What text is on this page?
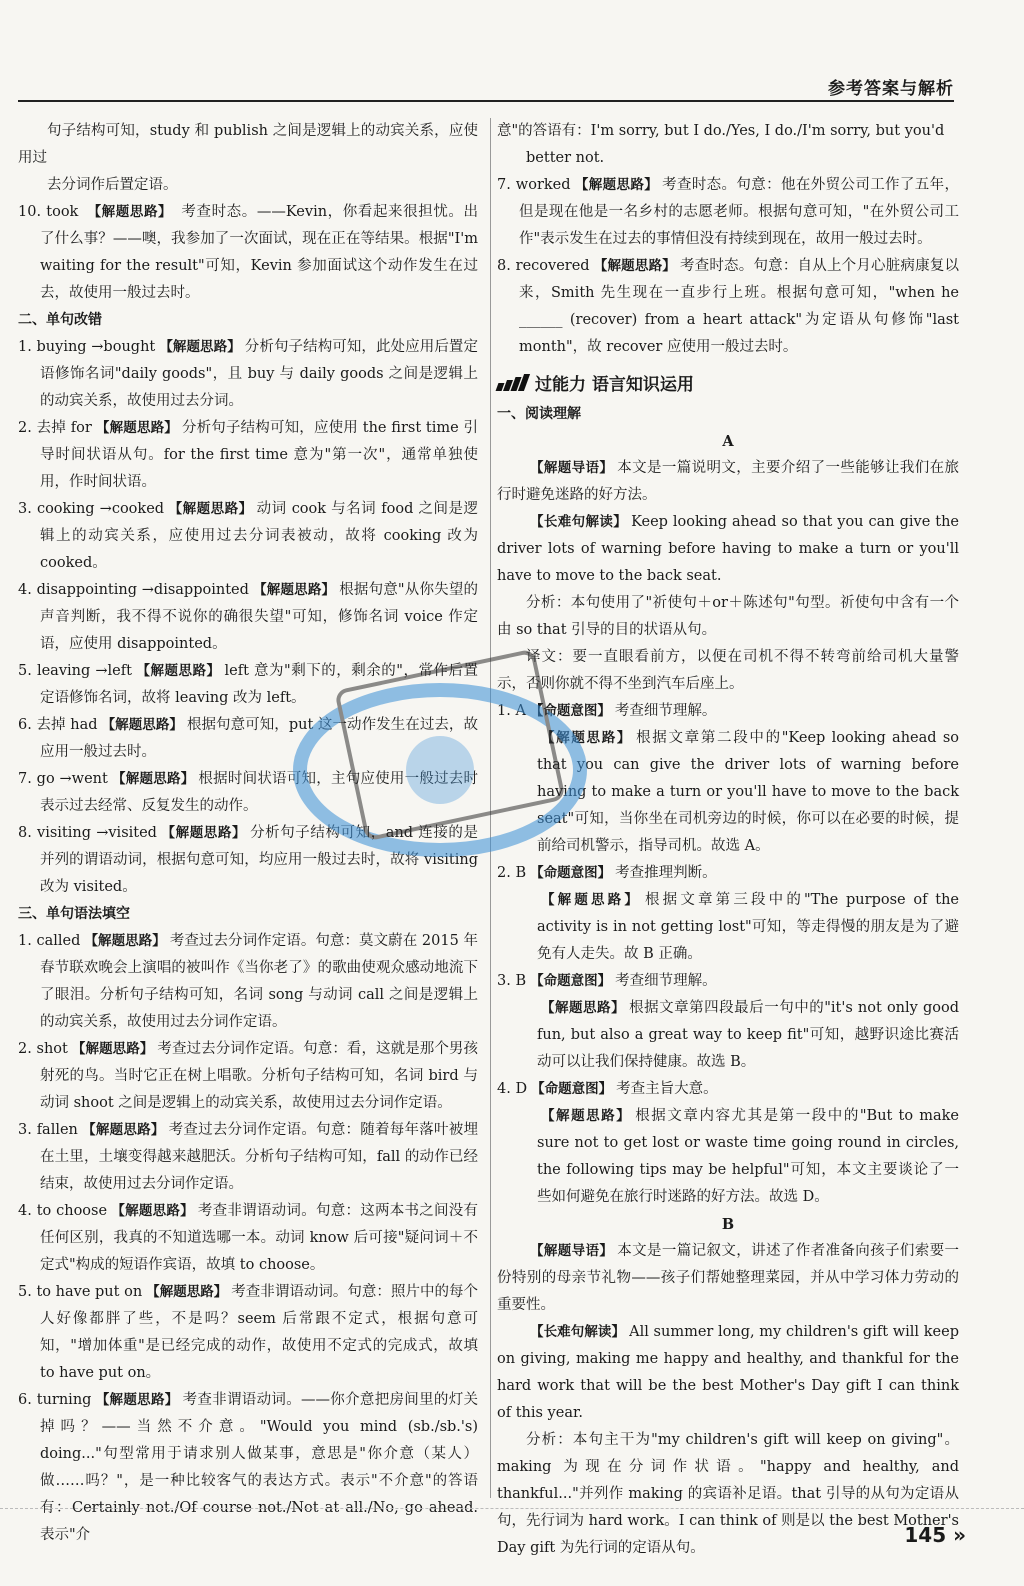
参考答案与解析

句子结构可知，study 和 publish 之间是逻辑上的动宾关系，应使用过

去分词作后置定语。

10. took 【解题思路】 考查时态。——Kevin，你看起来很担忧。出了什么事？——噢，我参加了一次面试，现在正在等结果。根据"I'm waiting for the result"可知，Kevin 参加面试这个动作发生在过去，故使用一般过去时。

二、单句改错

1. buying →bought 【解题思路】 分析句子结构可知，此处应用后置定语修饰名词"daily goods"，且 buy 与 daily goods 之间是逻辑上的动宾关系，故使用过去分词。

2. 去掉 for 【解题思路】 分析句子结构可知，应使用 the first time 引导时间状语从句。for the first time 意为"第一次"，通常单独使用，作时间状语。

3. cooking →cooked 【解题思路】 动词 cook 与名词 food 之间是逻辑上的动宾关系，应使用过去分词表被动，故将 cooking 改为 cooked。

4. disappointing →disappointed 【解题思路】 根据句意"从你失望的声音判断，我不得不说你的确很失望"可知，修饰名词 voice 作定语，应使用 disappointed。

5. leaving →left 【解题思路】 left 意为"剩下的，剩余的"，常作后置定语修饰名词，故将 leaving 改为 left。

6. 去掉 had 【解题思路】 根据句意可知，put 这一动作发生在过去，故应用一般过去时。

7. go →went 【解题思路】 根据时间状语可知，主句应使用一般过去时表示过去经常、反复发生的动作。

8. visiting →visited 【解题思路】 分析句子结构可知，and 连接的是并列的谓语动词，根据句意可知，均应用一般过去时，故将 visiting 改为 visited。

三、单句语法填空

1. called 【解题思路】 考查过去分词作定语。句意：莫文蔚在 2015 年春节联欢晚会上演唱的被叫作《当你老了》的歌曲使观众感动地流下了眼泪。分析句子结构可知，名词 song 与动词 call 之间是逻辑上的动宾关系，故使用过去分词作定语。

2. shot 【解题思路】 考查过去分词作定语。句意：看，这就是那个男孩射死的鸟。当时它正在树上唱歌。分析句子结构可知，名词 bird 与动词 shoot 之间是逻辑上的动宾关系，故使用过去分词作定语。

3. fallen 【解题思路】 考查过去分词作定语。句意：随着每年落叶被埋在土里，土壤变得越来越肥沃。分析句子结构可知，fall 的动作已经结束，故使用过去分词作定语。

4. to choose 【解题思路】 考查非谓语动词。句意：这两本书之间没有任何区别，我真的不知道选哪一本。动词 know 后可接"疑问词＋不定式"构成的短语作宾语，故填 to choose。

5. to have put on 【解题思路】 考查非谓语动词。句意：照片中的每个人好像都胖了些，不是吗？seem 后常跟不定式，根据句意可知，"增加体重"是已经完成的动作，故使用不定式的完成式，故填 to have put on。

6. turning 【解题思路】 考查非谓语动词。——你介意把房间里的灯关掉吗？——当然不介意。"Would you mind (sb./sb.'s) doing..."句型常用于请求别人做某事，意思是"你介意（某人）做……吗？"，是一种比较客气的表达方式。表示"不介意"的答语有：Certainly not./Of course not./Not at all./No, go ahead. 表示"介

意"的答语有：I'm sorry, but I do./Yes, I do./I'm sorry, but you'd

better not.

7. worked 【解题思路】 考查时态。句意：他在外贸公司工作了五年，但是现在他是一名乡村的志愿老师。根据句意可知，"在外贸公司工作"表示发生在过去的事情但没有持续到现在，故用一般过去时。

8. recovered 【解题思路】 考查时态。句意：自从上个月心脏病康复以来，Smith 先生现在一直步行上班。根据句意可知，"when he ______ (recover) from a heart attack"为定语从句修饰"last month"，故 recover 应使用一般过去时。

过能力 语言知识运用

一、阅读理解

A

【解题导语】 本文是一篇说明文，主要介绍了一些能够让我们在旅行时避免迷路的好方法。

【长难句解读】 Keep looking ahead so that you can give the driver lots of warning before having to make a turn or you'll have to move to the back seat.

分析：本句使用了"祈使句＋or＋陈述句"句型。祈使句中含有一个由 so that 引导的目的状语从句。

译文：要一直眼看前方，以便在司机不得不转弯前给司机大量警示，否则你就不得不坐到汽车后座上。

1. A 【命题意图】 考查细节理解。

【解题思路】 根据文章第二段中的"Keep looking ahead so that you can give the driver lots of warning before having to make a turn or you'll have to move to the back seat"可知，当你坐在司机旁边的时候，你可以在必要的时候，提前给司机警示，指导司机。故选 A。

2. B 【命题意图】 考查推理判断。

【解题思路】 根据文章第三段中的"The purpose of the activity is in not getting lost"可知，等走得慢的朋友是为了避免有人走失。故 B 正确。

3. B 【命题意图】 考查细节理解。

【解题思路】 根据文章第四段最后一句中的"it's not only good fun, but also a great way to keep fit"可知，越野识途比赛活动可以让我们保持健康。故选 B。

4. D 【命题意图】 考查主旨大意。

【解题思路】 根据文章内容尤其是第一段中的"But to make sure not to get lost or waste time going round in circles, the following tips may be helpful"可知，本文主要谈论了一些如何避免在旅行时迷路的好方法。故选 D。

B

【解题导语】 本文是一篇记叙文，讲述了作者准备向孩子们索要一份特别的母亲节礼物——孩子们帮她整理菜园，并从中学习体力劳动的重要性。

【长难句解读】 All summer long, my children's gift will keep on giving, making me happy and healthy, and thankful for the hard work that will be the best Mother's Day gift I can think of this year.

分析：本句主干为"my children's gift will keep on giving"。making 为现在分词作状语。"happy and healthy, and thankful..."并列作 making 的宾语补足语。that 引导的从句为定语从句，先行词为 hard work。I can think of 则是以 the best Mother's Day gift 为先行词的定语从句。

145 »
